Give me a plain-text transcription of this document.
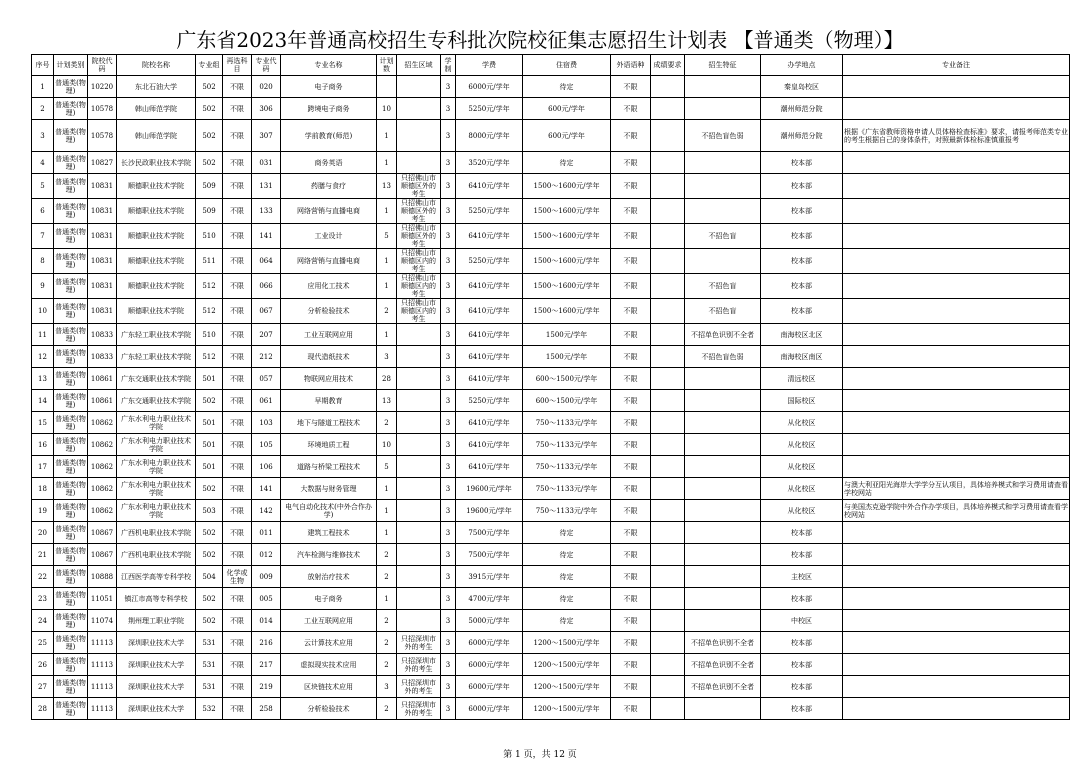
广东省2023年普通高校招生专科批次院校征集志愿招生计划表 【普通类（物理）】
序号	计划类别	院校代码	院校名称	专业组	再选科目	专业代码	专业名称	计划数	招生区域	学制	学费	住宿费	外语语种	成绩要求	招生特征	办学地点	专业备注
1	普通类(物理)	10220	东北石油大学	502	不限	020	电子商务			3	6000元/学年	待定	不限			秦皇岛校区	
2	普通类(物理)	10578	韩山师范学院	502	不限	306	跨境电子商务	10		3	5250元/学年	600元/学年	不限			潮州师范分院	
3	普通类(物理)	10578	韩山师范学院	502	不限	307	学前教育(师范)	1		3	8000元/学年	600元/学年	不限		不招色盲色弱	潮州师范分院	根据《广东省教师资格申请人员体格检查标准》要求，请报考师范类专业的考生根据自己的身体条件，对照最新体检标准慎重报考
4	普通类(物理)	10827	长沙民政职业技术学院	502	不限	031	商务英语	1		3	3520元/学年	待定	不限			校本部	
5	普通类(物理)	10831	顺德职业技术学院	509	不限	131	药膳与食疗	13	只招佛山市顺德区外的考生	3	6410元/学年	1500～1600元/学年	不限			校本部	
6	普通类(物理)	10831	顺德职业技术学院	509	不限	133	网络营销与直播电商	1	只招佛山市顺德区外的考生	3	5250元/学年	1500～1600元/学年	不限			校本部	
7	普通类(物理)	10831	顺德职业技术学院	510	不限	141	工业设计	5	只招佛山市顺德区外的考生	3	6410元/学年	1500～1600元/学年	不限		不招色盲	校本部	
8	普通类(物理)	10831	顺德职业技术学院	511	不限	064	网络营销与直播电商	1	只招佛山市顺德区内的考生	3	5250元/学年	1500～1600元/学年	不限			校本部	
9	普通类(物理)	10831	顺德职业技术学院	512	不限	066	应用化工技术	1	只招佛山市顺德区内的考生	3	6410元/学年	1500～1600元/学年	不限		不招色盲	校本部	
10	普通类(物理)	10831	顺德职业技术学院	512	不限	067	分析检验技术	2	只招佛山市顺德区内的考生	3	6410元/学年	1500～1600元/学年	不限		不招色盲	校本部	
11	普通类(物理)	10833	广东轻工职业技术学院	510	不限	207	工业互联网应用	1		3	6410元/学年	1500元/学年	不限		不招单色识别不全者	南海校区北区	
12	普通类(物理)	10833	广东轻工职业技术学院	512	不限	212	现代造纸技术	3		3	6410元/学年	1500元/学年	不限		不招色盲色弱	南海校区南区	
13	普通类(物理)	10861	广东交通职业技术学院	501	不限	057	物联网应用技术	28		3	6410元/学年	600～1500元/学年	不限			清远校区	
14	普通类(物理)	10861	广东交通职业技术学院	502	不限	061	早期教育	13		3	5250元/学年	600～1500元/学年	不限			国际校区	
15	普通类(物理)	10862	广东水利电力职业技术学院	501	不限	103	地下与隧道工程技术	2		3	6410元/学年	750～1133元/学年	不限			从化校区	
16	普通类(物理)	10862	广东水利电力职业技术学院	501	不限	105	环境地质工程	10		3	6410元/学年	750～1133元/学年	不限			从化校区	
17	普通类(物理)	10862	广东水利电力职业技术学院	501	不限	106	道路与桥梁工程技术	5		3	6410元/学年	750～1133元/学年	不限			从化校区	
18	普通类(物理)	10862	广东水利电力职业技术学院	502	不限	141	大数据与财务管理	1		3	19600元/学年	750～1133元/学年	不限			从化校区	与澳大利亚阳光海岸大学学分互认项目，具体培养模式和学习费用请查看学校网站
19	普通类(物理)	10862	广东水利电力职业技术学院	503	不限	142	电气自动化技术(中外合作办学)	1		3	19600元/学年	750～1133元/学年	不限			从化校区	与美国杰克逊学院中外合作办学项目，具体培养模式和学习费用请查看学校网站
20	普通类(物理)	10867	广西机电职业技术学院	502	不限	011	建筑工程技术	1		3	7500元/学年	待定	不限			校本部	
21	普通类(物理)	10867	广西机电职业技术学院	502	不限	012	汽车检测与维修技术	2		3	7500元/学年	待定	不限			校本部	
22	普通类(物理)	10888	江西医学高等专科学校	504	化学或生物	009	放射治疗技术	2		3	3915元/学年	待定	不限			主校区	
23	普通类(物理)	11051	镇江市高等专科学校	502	不限	005	电子商务	1		3	4700元/学年	待定	不限			校本部	
24	普通类(物理)	11074	荆州理工职业学院	502	不限	014	工业互联网应用	2		3	5000元/学年	待定	不限			中校区	
25	普通类(物理)	11113	深圳职业技术大学	531	不限	216	云计算技术应用	2	只招深圳市外的考生	3	6000元/学年	1200～1500元/学年	不限		不招单色识别不全者	校本部	
26	普通类(物理)	11113	深圳职业技术大学	531	不限	217	虚拟现实技术应用	2	只招深圳市外的考生	3	6000元/学年	1200～1500元/学年	不限		不招单色识别不全者	校本部	
27	普通类(物理)	11113	深圳职业技术大学	531	不限	219	区块链技术应用	3	只招深圳市外的考生	3	6000元/学年	1200～1500元/学年	不限		不招单色识别不全者	校本部	
28	普通类(物理)	11113	深圳职业技术大学	532	不限	258	分析检验技术	2	只招深圳市外的考生	3	6000元/学年	1200～1500元/学年	不限			校本部	
第 1 页，共 12 页
